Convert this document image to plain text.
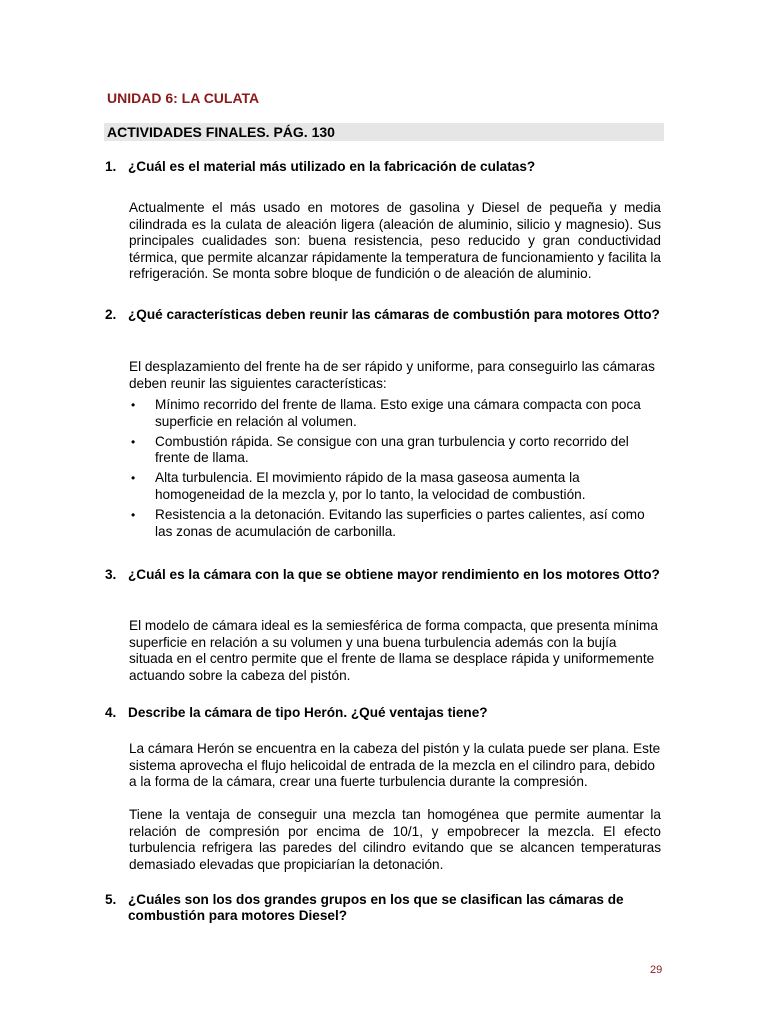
UNIDAD 6: LA CULATA
ACTIVIDADES FINALES. PÁG. 130
1. ¿Cuál es el material más utilizado en la fabricación de culatas?

Actualmente el más usado en motores de gasolina y Diesel de pequeña y media cilindrada es la culata de aleación ligera (aleación de aluminio, silicio y magnesio). Sus principales cualidades son: buena resistencia, peso reducido y gran conductividad térmica, que permite alcanzar rápidamente la temperatura de funcionamiento y facilita la refrigeración. Se monta sobre bloque de fundición o de aleación de aluminio.

2. ¿Qué características deben reunir las cámaras de combustión para motores Otto?

El desplazamiento del frente ha de ser rápido y uniforme, para conseguirlo las cámaras deben reunir las siguientes características:

•	Mínimo recorrido del frente de llama. Esto exige una cámara compacta con poca superficie en relación al volumen.
•	Combustión rápida. Se consigue con una gran turbulencia y corto recorrido del frente de llama.
•	Alta turbulencia. El movimiento rápido de la masa gaseosa aumenta la homogeneidad de la mezcla y, por lo tanto, la velocidad de combustión.
•	Resistencia a la detonación. Evitando las superficies o partes calientes, así como las zonas de acumulación de carbonilla.
3. ¿Cuál es la cámara con la que se obtiene mayor rendimiento en los motores Otto?

El modelo de cámara ideal es la semiesférica de forma compacta, que presenta mínima superficie en relación a su volumen y una buena turbulencia además con la bujía situada en el centro permite que el frente de llama se desplace rápida y uniformemente actuando sobre la cabeza del pistón.

4. Describe la cámara de tipo Herón. ¿Qué ventajas tiene?

La cámara Herón se encuentra en la cabeza del pistón y la culata puede ser plana. Este sistema aprovecha el flujo helicoidal de entrada de la mezcla en el cilindro para, debido a la forma de la cámara, crear una fuerte turbulencia durante la compresión.

Tiene la ventaja de conseguir una mezcla tan homogénea que permite aumentar la relación de compresión por encima de 10/1, y empobrecer la mezcla. El efecto turbulencia refrigera las paredes del cilindro evitando que se alcancen temperaturas demasiado elevadas que propiciarían la detonación.

5. ¿Cuáles son los dos grandes grupos en los que se clasifican las cámaras de combustión para motores Diesel?
29
